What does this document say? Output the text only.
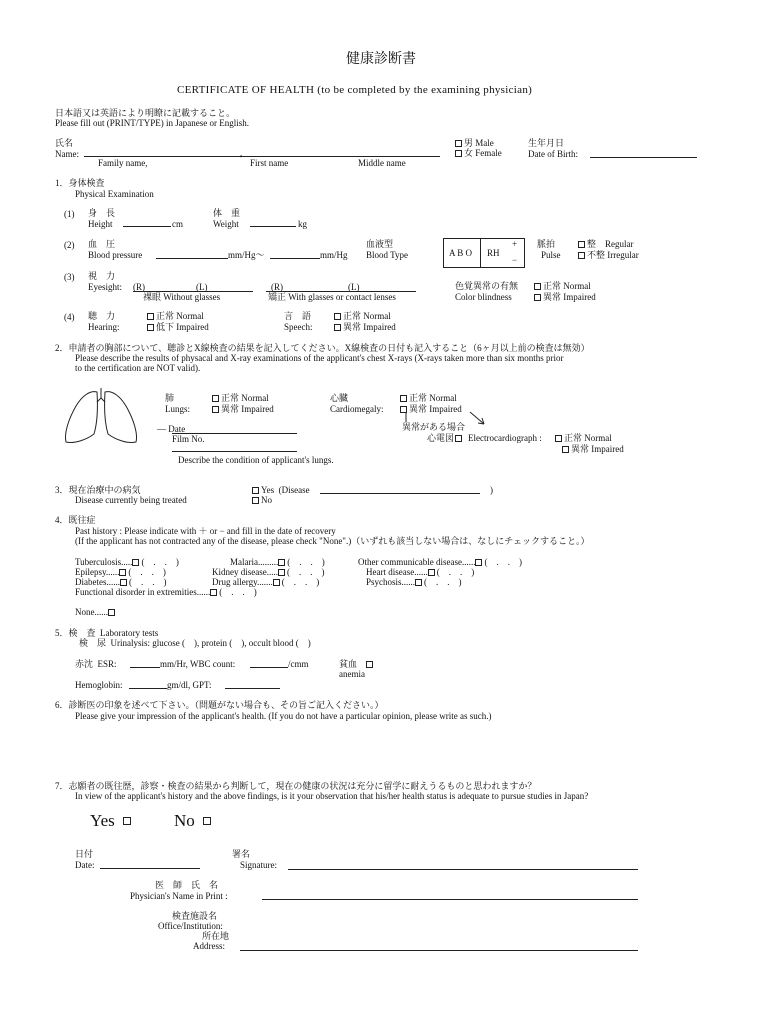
健康診断書
CERTIFICATE OF HEALTH (to be completed by the examining physician)
日本語又は英語により明瞭に記載すること。
Please fill out (PRINT/TYPE) in Japanese or English.
氏名
Name:	,
Family name,	First name	Middle name
男 Male
女 Female
生年月日
Date of Birth:
1．身体検査
Physical Examination
(1) 身　長
Height	cm
体　重
Weight	kg
(2) 血　圧
Blood pressure	mm/Hg〜	mm/Hg
血液型
Blood Type	A B O RH
+
−
脈拍
Pulse
整 Regular
不整 Irregular
(3) 視　力
Eyesight: (R)	(L)
裸眼 Without glasses
(R)	(L)
矯正 With glasses or contact lenses
色覚異常の有無
Color blindness
正常 Normal
異常 Impaired
(4) 聴　力
Hearing:
正常 Normal
低下 Impaired
言　語
Speech:
正常 Normal
異常 Impaired
2．申請者の胸部について、聴診とX線検査の結果を記入してください。X線検査の日付も記入すること（6ヶ月以上前の検査は無効）
Please describe the results of physacal and X-ray examinations of the applicant's chest X-rays (X-rays taken more than six months prior
to the certification are NOT valid).
肺
Lungs:
正常 Normal
異常 Impaired
心臓
Cardiomegaly:
正常 Normal
異常 Impaired
— Date
Film No.
異常がある場合
心電図	Electrocardiograph :	正常 Normal
異常 Impaired
Describe the condition of applicant's lungs.
3．現在治療中の病気
Disease currently being treated
Yes (Disease	)
No
4．既往症
Past history : Please indicate with ＋ or − and fill in the date of recovery
(If the applicant has not contracted any of the disease, please check "None".)（いずれも該当しない場合は、なしにチェックすること。）
Tuberculosis..... (　.　.　)	Malaria......... (　.　.　)	Other communicable disease...... (　.　.　)
Epilepsy...... (　.　.　)	Kidney disease..... (　.　.　)	Heart disease...... (　.　.　)
Diabetes...... (　.　.　)	Drug allergy....... (　.　.　)	Psychosis...... (　.　.　)
Functional disorder in extremities...... (　.　.　)
None......
5．検　査 Laboratory tests
検　尿 Urinalysis: glucose (　), protein (　), occult blood (　)
赤沈 ESR:	mm/Hr, WBC count:	/cmm	貧血
anemia
Hemoglobin:	gm/dl, GPT:
6．診断医の印象を述べて下さい。（問題がない場合も、その旨ご記入ください。）
Please give your impression of the applicant's health. (If you do not have a particular opinion, please write as such.)
7．志願者の既往歴，診察・検査の結果から判断して，現在の健康の状況は充分に留学に耐えうるものと思われますか？
In view of the applicant's history and the above findings, is it your observation that his/her health status is adequate to pursue studies in Japan?
Yes	No
日付
Date:
署名
Signature:
医　師　氏　名
Physician's Name in Print :
検査施設名
Office/Institution:
所在地
Address:
